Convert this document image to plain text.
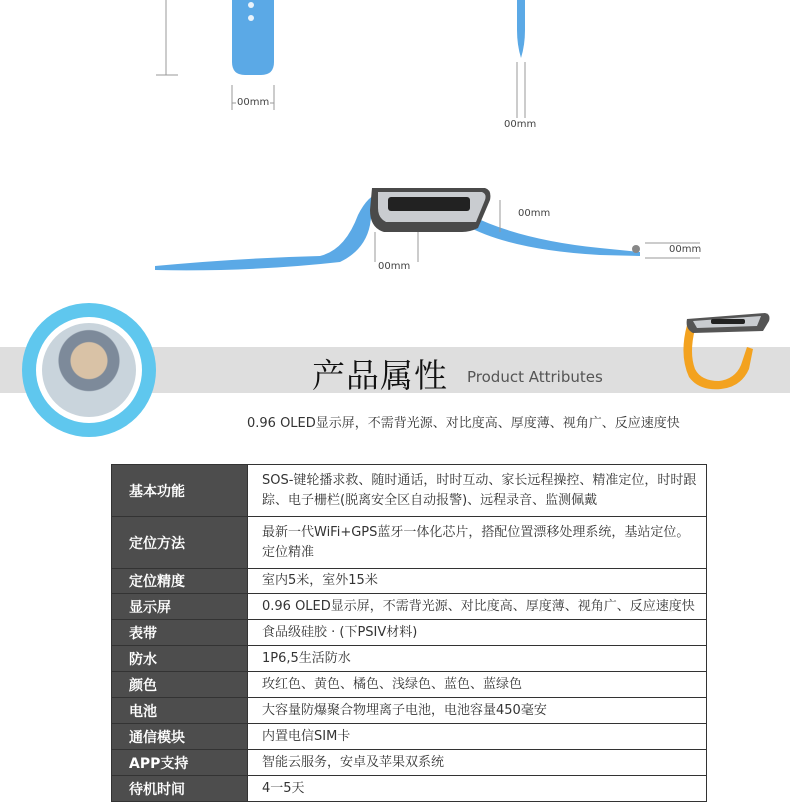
00mm
00mm
00mm
00mm
00mm
产品属性 Product Attributes
0.96 OLED显示屏，不需背光源、对比度高、厚度薄、视角广、反应速度快
基本功能	SOS-键轮播求救、随时通话，时时互动、家长远程操控、精准定位，时时跟踪、电子栅栏(脱离安全区自动报警)、远程录音、监测佩戴
定位方法	最新一代WiFi+GPS蓝牙一体化芯片，搭配位置漂移处理系统，基站定位。定位精准
定位精度	室内5米，室外15米
显示屏	0.96 OLED显示屏，不需背光源、对比度高、厚度薄、视角广、反应速度快
表带	食品级硅胶 · (下PSIV材料)
防水	1P6,5生活防水
颜色	玫红色、黄色、橘色、浅绿色、蓝色、蓝绿色
电池	大容量防爆聚合物埋离子电池，电池容量450毫安
通信模块	内置电信SIM卡
APP支持	智能云服务，安卓及苹果双系统
待机时间	4一5天
